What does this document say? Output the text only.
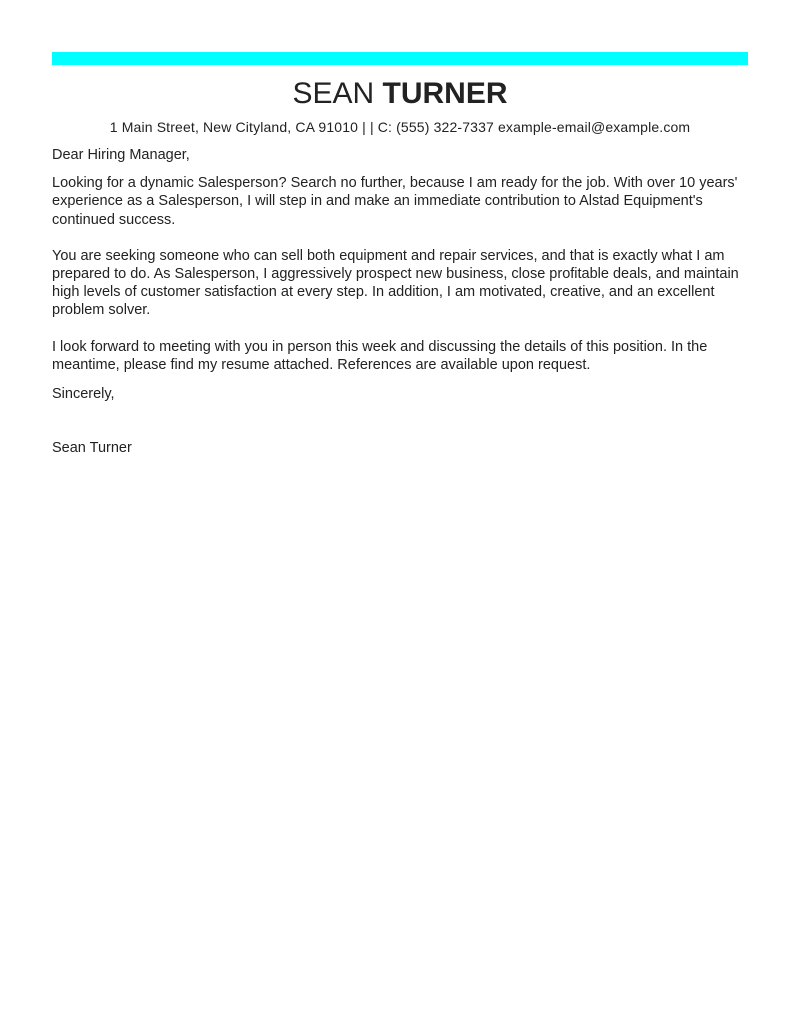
SEAN TURNER
1 Main Street, New Cityland, CA 91010 | | C: (555) 322-7337 example-email@example.com

Dear Hiring Manager,

Looking for a dynamic Salesperson? Search no further, because I am ready for the job. With over 10 years' experience as a Salesperson, I will step in and make an immediate contribution to Alstad Equipment's continued success.

You are seeking someone who can sell both equipment and repair services, and that is exactly what I am prepared to do. As Salesperson, I aggressively prospect new business, close profitable deals, and maintain high levels of customer satisfaction at every step. In addition, I am motivated, creative, and an excellent problem solver.

I look forward to meeting with you in person this week and discussing the details of this position. In the meantime, please find my resume attached. References are available upon request.

Sincerely,

Sean Turner
